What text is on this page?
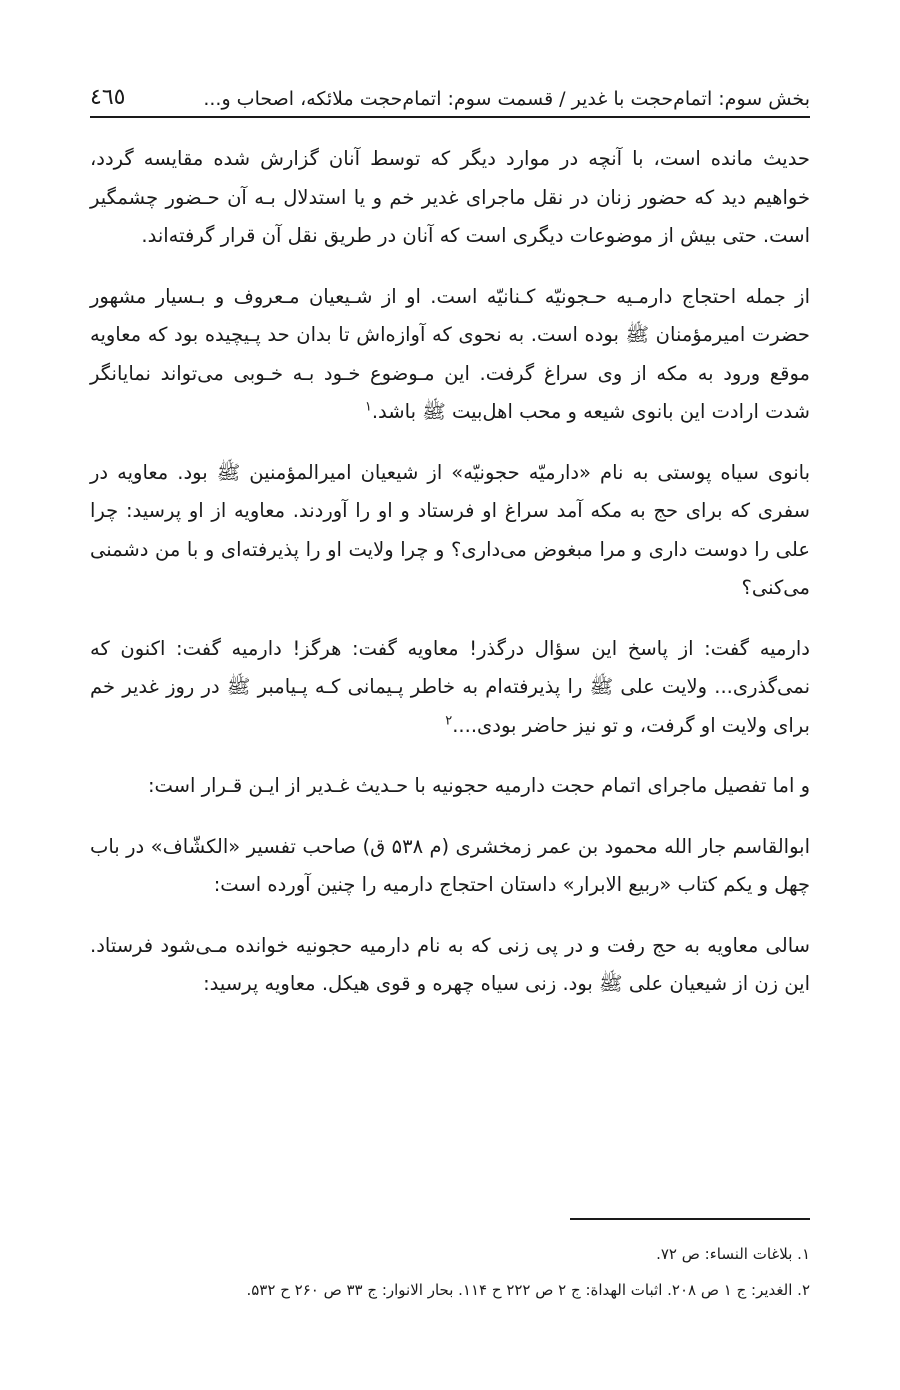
بخش سوم: اتمام‌حجت با غدیر / قسمت سوم: اتمام‌حجت ملائکه، اصحاب و...
٤٦٥

حدیث مانده است، با آنچه در موارد دیگر که توسط آنان گزارش شده مقایسه گردد، خواهیم دید که حضور زنان در نقل ماجرای غدیر خم و یا استدلال بـه آن حـضور چشمگیر است. حتی بیش از موضوعات دیگری است که آنان در طریق نقل آن قرار گرفته‌اند.

از جمله احتجاج دارمـیه حـجونیّه کـنانیّه است. او از شـیعیان مـعروف و بـسیار مشهور حضرت امیرمؤمنان ﷺ بوده است. به نحوی که آوازه‌اش تا بدان حد پـیچیده بود که معاویه موقع ورود به مکه از وی سراغ گرفت. این مـوضوع خـود بـه خـوبی می‌تواند نمایانگر شدت ارادت این بانوی شیعه و محب اهل‌بیت ﷺ باشد.$^١$

بانوی سیاه پوستی به نام «دارمیّه حجونیّه» از شیعیان امیرالمؤمنین ﷺ بود. معاویه در سفری که برای حج به مکه آمد سراغ او فرستاد و او را آوردند. معاویه از او پرسید: چرا علی را دوست داری و مرا مبغوض می‌داری؟ و چرا ولایت او را پذیرفته‌ای و با من دشمنی می‌کنی؟

دارمیه گفت: از پاسخ این سؤال درگذر! معاویه گفت: هرگز! دارمیه گفت: اکنون که نمی‌گذری... ولایت علی ﷺ را پذیرفته‌ام به خاطر پـیمانی کـه پـیامبر ﷺ در روز غدیر خم برای ولایت او گرفت، و تو نیز حاضر بودی....$^٢$

و اما تفصیل ماجرای اتمام حجت دارمیه حجونیه با حـدیث غـدیر از ایـن قـرار است:

ابوالقاسم جار الله محمود بن عمر زمخشری (م ۵۳۸ ق) صاحب تفسیر «الکشّاف» در باب چهل و یکم کتاب «ربیع الابرار» داستان احتجاج دارمیه را چنین آورده است:

سالی معاویه به حج رفت و در پی زنی که به نام دارمیه حجونیه خوانده مـی‌شود فرستاد. این زن از شیعیان علی ﷺ بود. زنی سیاه چهره و قوی هیکل. معاویه پرسید:

١. بلاغات النساء: ص ٧٢.

٢. الغدیر: ج ١ ص ٢٠٨. اثبات الهداة: ج ٢ ص ٢٢٢ ح ١١۴. بحار الانوار: ج ٣٣ ص ٢۶٠ ح ۵٣٢.
